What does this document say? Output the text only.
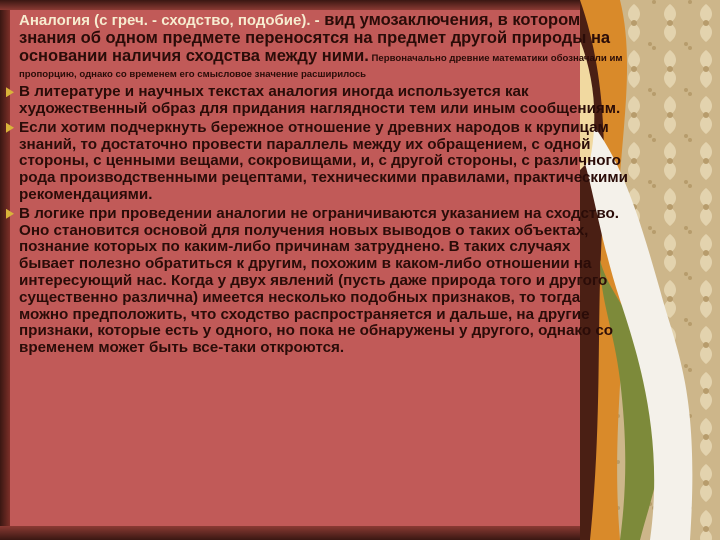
Аналогия (с греч. - сходство, подобие). - вид умозаключения, в котором знания об одном предмете переносятся на предмет другой природы на основании наличия сходства между ними. Первоначально древние математики обозначали им пропорцию, однако со временем его смысловое значение расширилось

В литературе и научных текстах аналогия иногда используется как художественный образ для придания наглядности тем или иным сообщениям.

Если хотим подчеркнуть бережное отношение у древних народов к крупицам знаний, то достаточно провести параллель между их обращением, с одной стороны, с ценными вещами, сокровищами, и, с другой стороны, с различного рода производственными рецептами, техническими правилами, практическими рекомендациями.

В логике при проведении аналогии не ограничиваются указанием на сходство. Оно становится основой для получения новых выводов о таких объектах, познание которых по каким-либо причинам затруднено. В таких случаях бывает полезно обратиться к другим, похожим в каком-либо отношении на интересующий нас. Когда у двух явлений (пусть даже природа того и другого существенно различна) имеется несколько подобных признаков, то тогда можно предположить, что сходство распространяется и дальше, на другие признаки, которые есть у одного, но пока не обнаружены у другого, однако со временем может быть все-таки откроются.
